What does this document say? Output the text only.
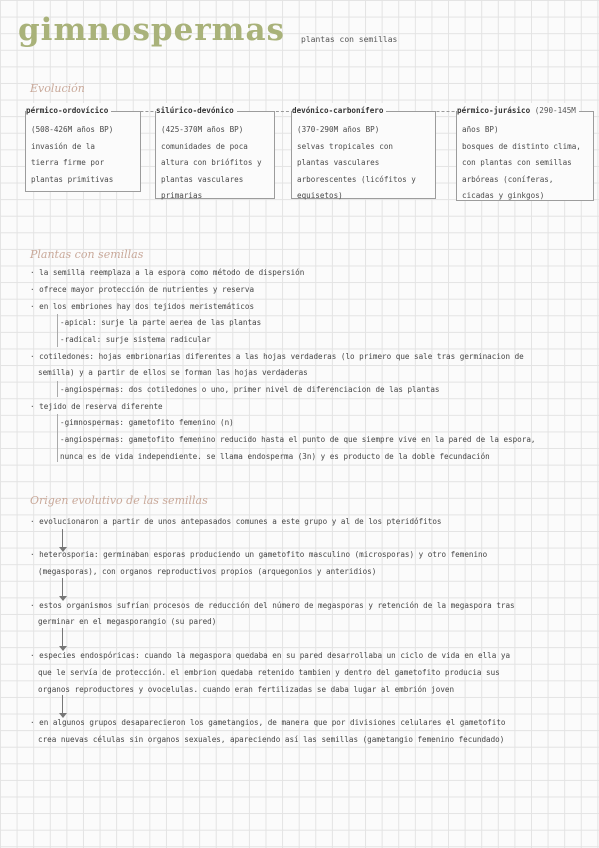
gimnospermas plantas con semillas
Evolución
pérmico-ordovícico
(508-426M años BP)
invasión de la
tierra firme por
plantas primitivas
silúrico-devónico
(425-370M años BP)
comunidades de poca
altura con briófitos y
plantas vasculares
primarias
devónico-carbonífero
(370-290M años BP)
selvas tropicales con
plantas vasculares
arborescentes (licófitos y
equisetos)
pérmico-jurásico (290-145M
años BP)
bosques de distinto clima,
con plantas con semillas
arbóreas (coníferas,
cicadas y ginkgos)
Plantas con semillas
· la semilla reemplaza a la espora como método de dispersión
· ofrece mayor protección de nutrientes y reserva
· en los embriones hay dos tejidos meristemáticos
-apical: surje la parte aerea de las plantas
-radical: surje sistema radicular
· cotiledones: hojas embrionarias diferentes a las hojas verdaderas (lo primero que sale tras germinacion de
semilla) y a partir de ellos se forman las hojas verdaderas
-angiospermas: dos cotiledones o uno, primer nivel de diferenciacion de las plantas
· tejido de reserva diferente
-gimnospermas: gametofito femenino (n)
-angiospermas: gametofito femenino reducido hasta el punto de que siempre vive en la pared de la espora,
nunca es de vida independiente. se llama endosperma (3n) y es producto de la doble fecundación
Origen evolutivo de las semillas
· evolucionaron a partir de unos antepasados comunes a este grupo y al de los pteridófitos
· heterosporia: germinaban esporas produciendo un gametofito masculino (microsporas) y otro femenino
(megasporas), con organos reproductivos propios (arquegonios y anteridios)
· estos organismos sufrían procesos de reducción del número de megasporas y retención de la megaspora tras
germinar en el megasporangio (su pared)
· especies endospóricas: cuando la megaspora quedaba en su pared desarrollaba un ciclo de vida en ella ya
que le servía de protección. el embrion quedaba retenido tambien y dentro del gametofito producia sus
organos reproductores y ovocelulas. cuando eran fertilizadas se daba lugar al embrión joven
· en algunos grupos desaparecieron los gametangios, de manera que por divisiones celulares el gametofito
crea nuevas células sin organos sexuales, apareciendo así las semillas (gametangio femenino fecundado)
